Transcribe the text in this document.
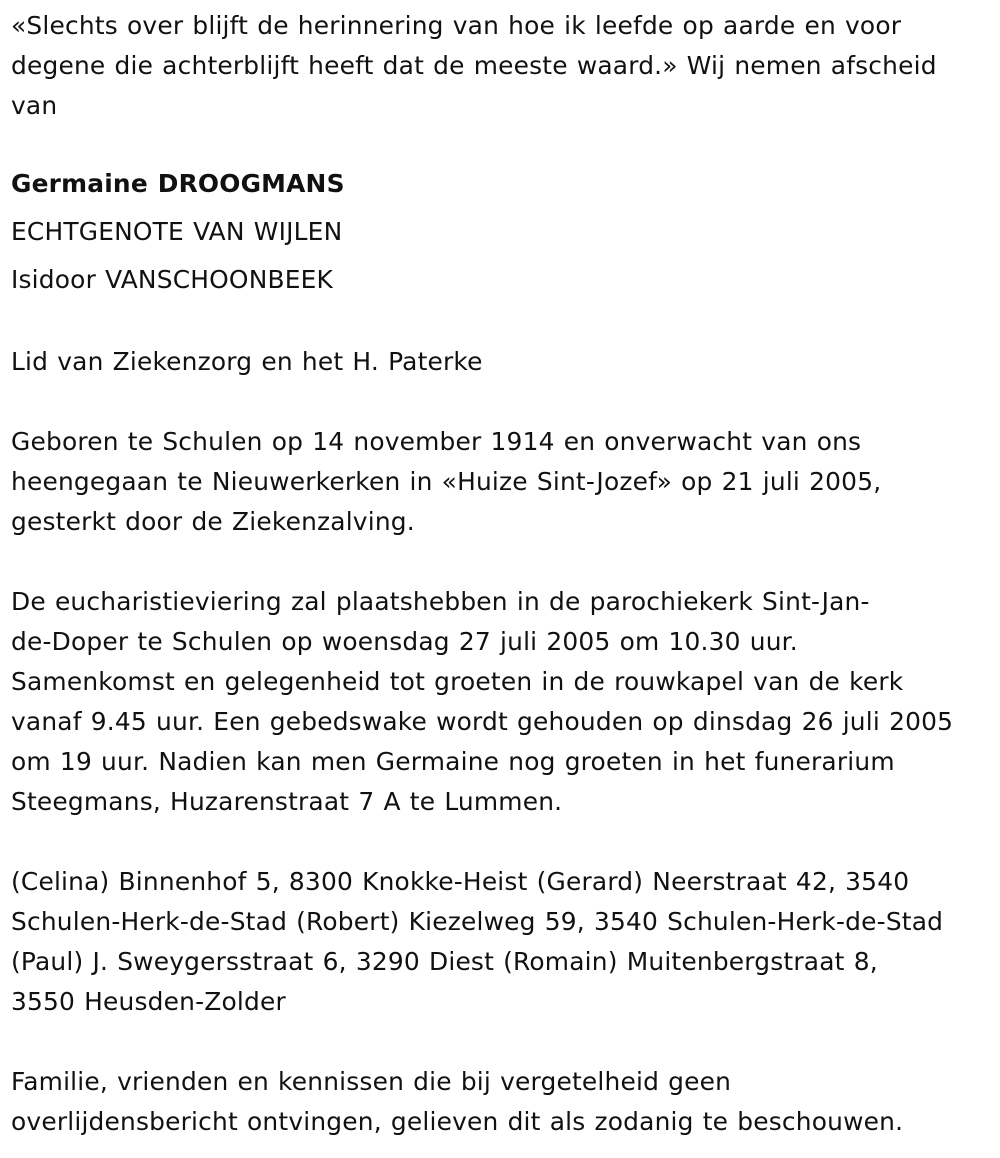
«Slechts over blijft de herinnering van hoe ik leefde op aarde en voor
degene die achterblijft heeft dat de meeste waard.» Wij nemen afscheid
van
Germaine DROOGMANS
ECHTGENOTE VAN WIJLEN
Isidoor VANSCHOONBEEK
Lid van Ziekenzorg en het H. Paterke
Geboren te Schulen op 14 november 1914 en onverwacht van ons
heengegaan te Nieuwerkerken in «Huize Sint-Jozef» op 21 juli 2005,
gesterkt door de Ziekenzalving.
De eucharistieviering zal plaatshebben in de parochiekerk Sint-Jan-
de-Doper te Schulen op woensdag 27 juli 2005 om 10.30 uur.
Samenkomst en gelegenheid tot groeten in de rouwkapel van de kerk
vanaf 9.45 uur. Een gebedswake wordt gehouden op dinsdag 26 juli 2005
om 19 uur. Nadien kan men Germaine nog groeten in het funerarium
Steegmans, Huzarenstraat 7 A te Lummen.
(Celina) Binnenhof 5, 8300 Knokke-Heist (Gerard) Neerstraat 42, 3540
Schulen-Herk-de-Stad (Robert) Kiezelweg 59, 3540 Schulen-Herk-de-Stad
(Paul) J. Sweygersstraat 6, 3290 Diest (Romain) Muitenbergstraat 8,
3550 Heusden-Zolder
Familie, vrienden en kennissen die bij vergetelheid geen
overlijdensbericht ontvingen, gelieven dit als zodanig te beschouwen.
